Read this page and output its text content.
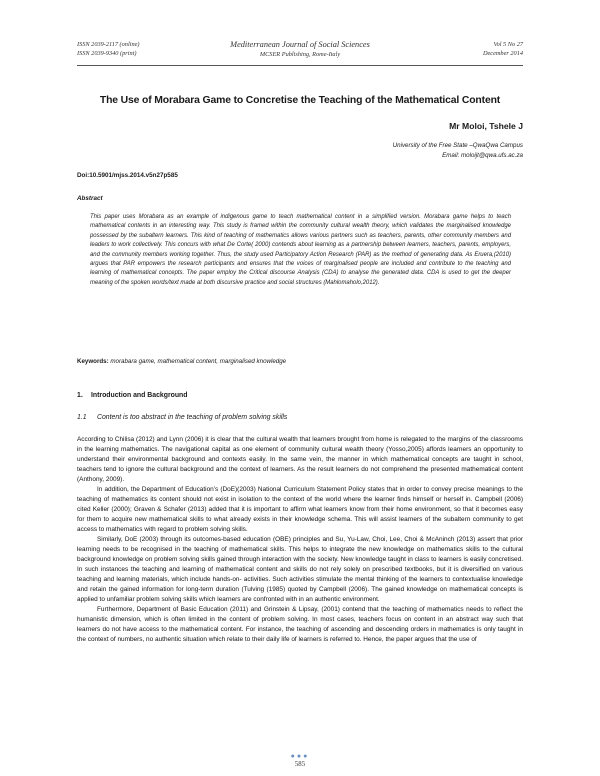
ISSN 2039-2117 (online)
ISSN 2039-9340 (print)
Mediterranean Journal of Social Sciences
MCSER Publishing, Rome-Italy
Vol 5 No 27
December 2014
The Use of Morabara Game to Concretise the Teaching of the Mathematical Content
Mr Moloi, Tshele J
University of the Free State –QwaQwa Campus
Email: moloijt@qwa.ufs.ac.za
Doi:10.5901/mjss.2014.v5n27p585
Abstract
This paper uses Morabara as an example of indigenous game to teach mathematical content in a simplified version. Morabara game helps to teach mathematical contents in an interesting way. This study is framed within the community cultural wealth theory, which validates the marginalised knowledge possessed by the subaltern learners. This kind of teaching of mathematics allows various partners such as teachers, parents, other community members and leaders to work collectively. This concurs with what De Corte( 2000) contends about learning as a partnership between learners, teachers, parents, employers, and the community members working together. Thus, the study used Participatory Action Research (PAR) as the method of generating data. As Eruera,(2010) argues that PAR empowers the research participants and ensures that the voices of marginalised people are included and contribute to the teaching and learning of mathematical concepts. The paper employ the Critical discourse Analysis (CDA) to analyse the generated data. CDA is used to get the deeper meaning of the spoken words/text made at both discursive practice and social structures (Mahlomaholo,2012).
Keywords: morabara game, mathematical content, marginalised knowledge
1. Introduction and Background
1.1 Content is too abstract in the teaching of problem solving skills

According to Chilisa (2012) and Lynn (2006) it is clear that the cultural wealth that learners brought from home is relegated to the margins of the classrooms in the learning mathematics. The navigational capital as one element of community cultural wealth theory (Yosso,2005) affords learners an opportunity to understand their environmental background and contexts easily. In the same vein, the manner in which mathematical concepts are taught in school, teachers tend to ignore the cultural background and the context of learners. As the result learners do not comprehend the presented mathematical content (Anthony, 2009).

In addition, the Department of Education’s (DoE)(2003) National Curriculum Statement Policy states that in order to convey precise meanings to the teaching of mathematics its content should not exist in isolation to the context of the world where the learner finds himself or herself in. Campbell (2006) cited Keller (2000); Graven & Schafer (2013) added that it is important to affirm what learners know from their home environment, so that it becomes easy for them to acquire new mathematical skills to what already exists in their knowledge schema. This will assist learners of the subaltern community to get access to mathematics with regard to problem solving skills.

Similarly, DoE (2003) through its outcomes-based education (OBE) principles and Su, Yu-Law, Choi, Lee, Choi & McAninch (2013) assert that prior learning needs to be recognised in the teaching of mathematical skills. This helps to integrate the new knowledge on mathematics skills to the cultural background knowledge on problem solving skills gained through interaction with the society. New knowledge taught in class to learners is easily concretised. In such instances the teaching and learning of mathematical content and skills do not rely solely on prescribed textbooks, but it is diversified on various teaching and learning materials, which include hands-on- activities. Such activities stimulate the mental thinking of the learners to contextualise knowledge and retain the gained information for long-term duration (Tulving (1985) quoted by Campbell (2006). The gained knowledge on mathematical concepts is applied to unfamiliar problem solving skills which learners are confronted with in an authentic environment.

Furthermore, Department of Basic Education (2011) and Grinstein & Lipsay, (2001) contend that the teaching of mathematics needs to reflect the humanistic dimension, which is often limited in the content of problem solving. In most cases, teachers focus on content in an abstract way such that learners do not have access to the mathematical content. For instance, the teaching of ascending and descending orders in mathematics is only taught in the context of numbers, no authentic situation which relate to their daily life of learners is referred to. Hence, the paper argues that the use of

●●●
585
